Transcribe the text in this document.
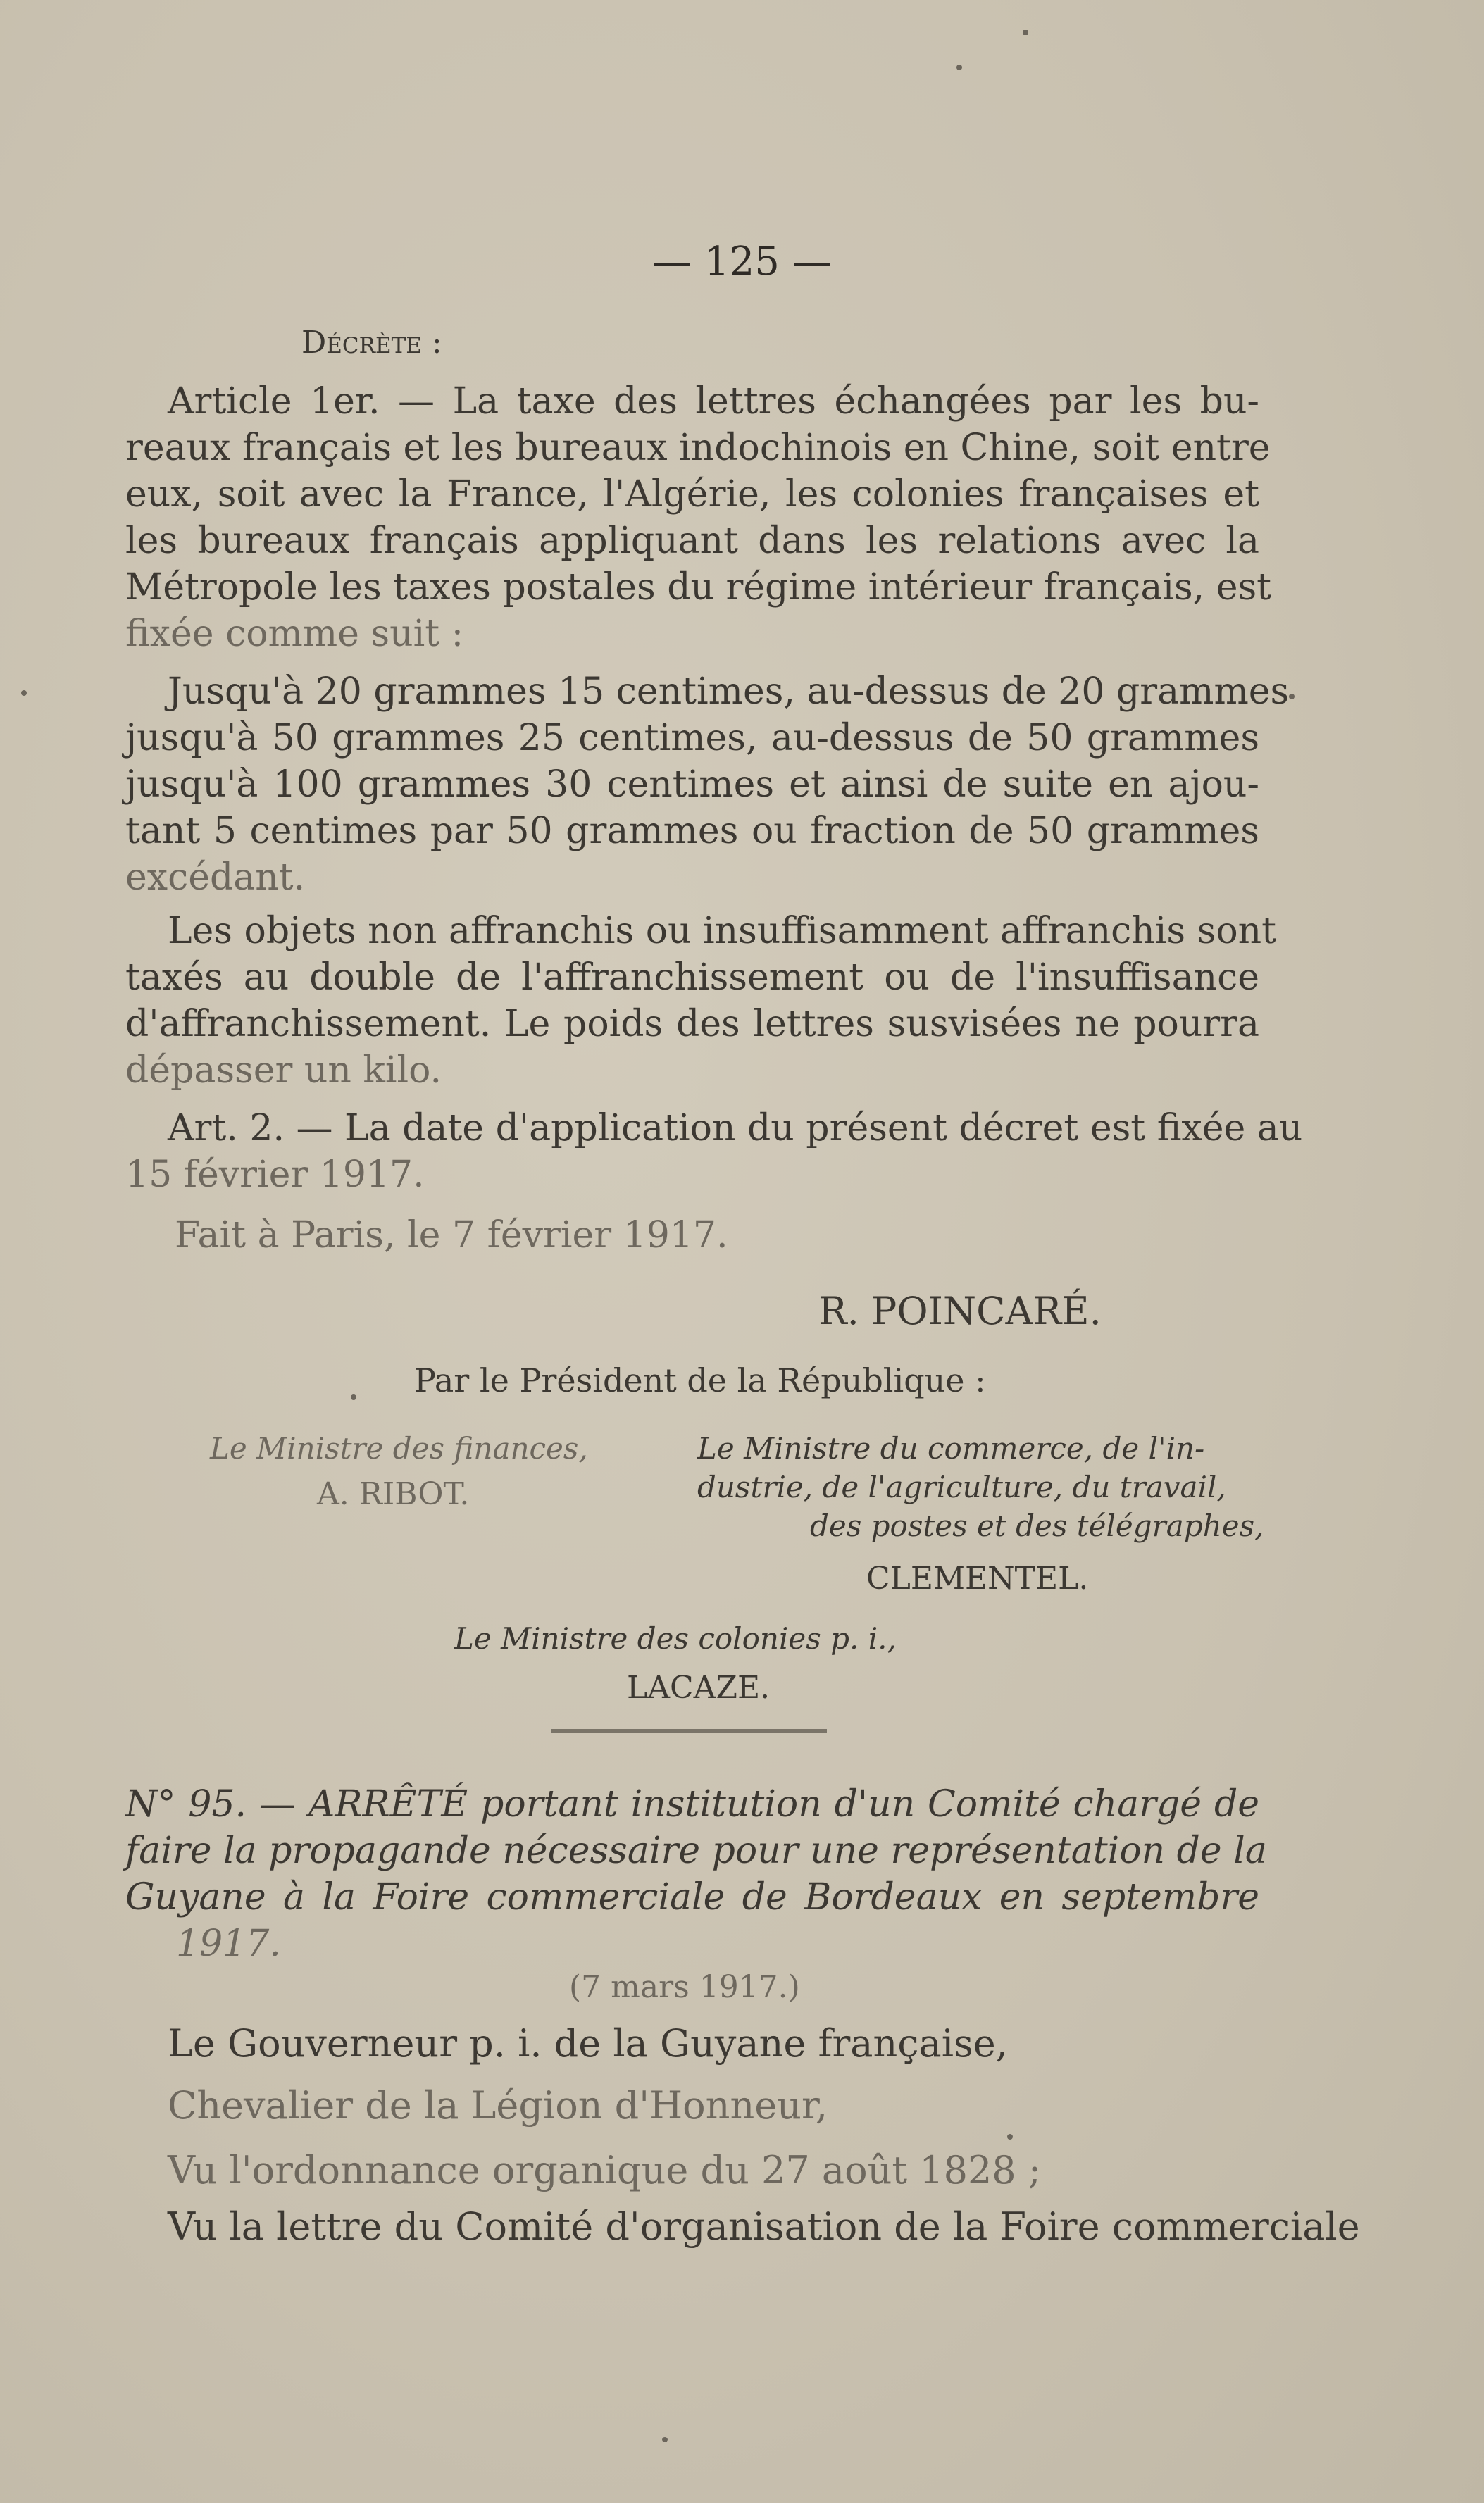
— 125 —
Décrète :
Article 1er. — La taxe des lettres échangées par les bu-
reaux français et les bureaux indochinois en Chine, soit entre
eux, soit avec la France, l'Algérie, les colonies françaises et
les bureaux français appliquant dans les relations avec la
Métropole les taxes postales du régime intérieur français, est
fixée comme suit :
Jusqu'à 20 grammes 15 centimes, au-dessus de 20 grammes
jusqu'à 50 grammes 25 centimes, au-dessus de 50 grammes
jusqu'à 100 grammes 30 centimes et ainsi de suite en ajou-
tant 5 centimes par 50 grammes ou fraction de 50 grammes
excédant.
Les objets non affranchis ou insuffisamment affranchis sont
taxés au double de l'affranchissement ou de l'insuffisance
d'affranchissement. Le poids des lettres susvisées ne pourra
dépasser un kilo.
Art. 2. — La date d'application du présent décret est fixée au
15 février 1917.
Fait à Paris, le 7 février 1917.
R. POINCARÉ.
Par le Président de la République :
Le Ministre des finances,
A. RIBOT.
Le Ministre du commerce, de l'in-
dustrie, de l'agriculture, du travail,
des postes et des télégraphes,
CLEMENTEL.
Le Ministre des colonies p. i.,
LACAZE.
N° 95. — ARRÊTÉ portant institution d'un Comité chargé de
faire la propagande nécessaire pour une représentation de la
Guyane à la Foire commerciale de Bordeaux en septembre
1917.
(7 mars 1917.)
Le Gouverneur p. i. de la Guyane française,
Chevalier de la Légion d'Honneur,
Vu l'ordonnance organique du 27 août 1828 ;
Vu la lettre du Comité d'organisation de la Foire commerciale
